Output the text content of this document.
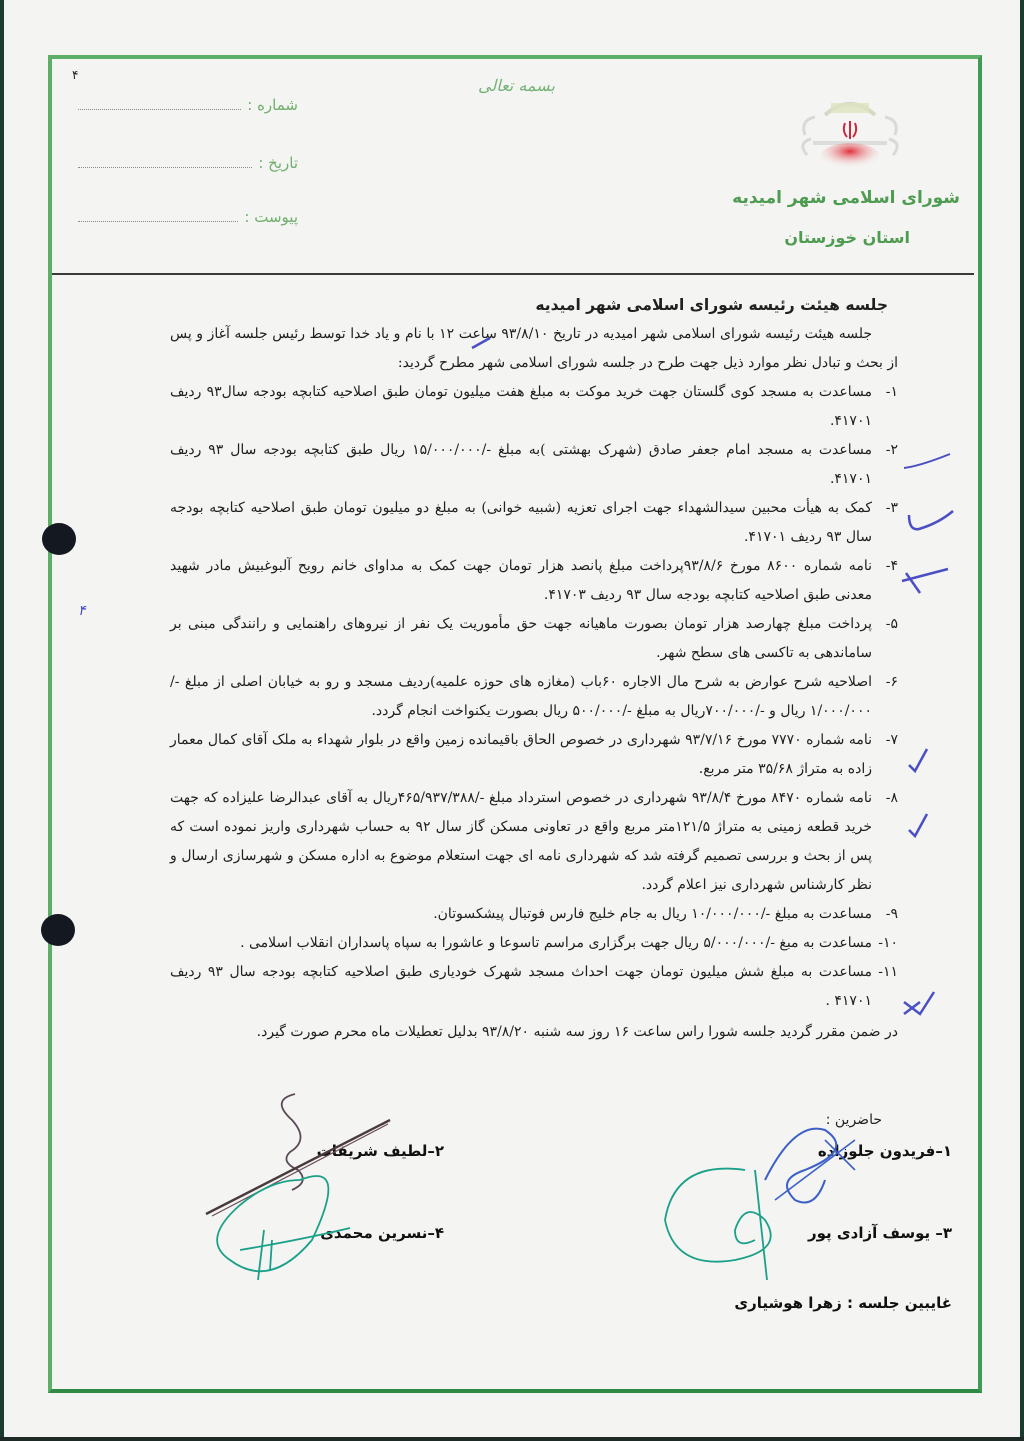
۴
شماره :
تاریخ :
پیوست :
بسمه تعالی
شورای اسلامی شهر امیدیه
استان خوزستان
جلسه هیئت رئیسه شورای اسلامی شهر امیدیه
جلسه هیئت رئیسه شورای اسلامی شهر امیدیه در تاریخ ۹۳/۸/۱۰ ساعت ۱۲ با نام و یاد خدا توسط رئیس جلسه آغاز و پس از بحث و تبادل نظر موارد ذیل جهت طرح در جلسه شورای اسلامی شهر مطرح گردید:
۱-
مساعدت به مسجد کوی گلستان جهت خرید موکت به مبلغ هفت میلیون تومان طبق اصلاحیه کتابچه بودجه سال۹۳ ردیف ۴۱۷۰۱.
۲-
مساعدت به مسجد امام جعفر صادق (شهرک بهشتی )به مبلغ -/۱۵/۰۰۰/۰۰۰ ریال طبق کتابچه بودجه سال ۹۳ ردیف ۴۱۷۰۱.
۳-
کمک به هیأت محبین سیدالشهداء جهت اجرای تعزیه (شبیه خوانی) به مبلغ دو میلیون تومان طبق اصلاحیه کتابچه بودجه سال ۹۳ ردیف ۴۱۷۰۱.
۴-
نامه شماره ۸۶۰۰ مورخ ۹۳/۸/۶پرداخت مبلغ پانصد هزار تومان جهت کمک به مداوای خانم رویح آلبوغبیش مادر شهید معدنی طبق اصلاحیه کتابچه بودجه سال ۹۳ ردیف ۴۱۷۰۳.
۵-
پرداخت مبلغ چهارصد هزار تومان بصورت ماهیانه جهت حق مأموریت یک نفر از نیروهای راهنمایی و رانندگی مبنی بر ساماندهی به تاکسی های سطح شهر.
۶-
اصلاحیه شرح عوارض به شرح مال الاجاره ۶۰باب (مغازه های حوزه علمیه)ردیف مسجد و رو به خیابان اصلی از مبلغ -/۱/۰۰۰/۰۰۰ ریال و -/۷۰۰/۰۰۰ریال به مبلغ -/۵۰۰/۰۰۰ ریال بصورت یکنواخت انجام گردد.
۷-
نامه شماره ۷۷۷۰ مورخ ۹۳/۷/۱۶ شهرداری در خصوص الحاق باقیمانده زمین واقع در بلوار شهداء به ملک آقای کمال معمار زاده به متراژ ۳۵/۶۸ متر مربع.
۸-
نامه شماره ۸۴۷۰ مورخ ۹۳/۸/۴ شهرداری در خصوص استرداد مبلغ -/۴۶۵/۹۳۷/۳۸۸ریال به آقای عبدالرضا علیزاده که جهت خرید قطعه زمینی به متراژ ۱۲۱/۵متر مربع واقع در تعاونی مسکن گاز سال ۹۲ به حساب شهرداری واریز نموده است که پس از بحث و بررسی تصمیم گرفته شد که شهرداری نامه ای جهت استعلام موضوع به اداره مسکن و شهرسازی ارسال و نظر کارشناس شهرداری نیز اعلام گردد.
۹-
مساعدت به مبلغ -/۱۰/۰۰۰/۰۰۰ ریال به جام خلیج فارس فوتبال پیشکسوتان.
۱۰-
مساعدت به مبغ -/۵/۰۰۰/۰۰۰ ریال جهت برگزاری مراسم تاسوعا و عاشورا به سپاه پاسداران انقلاب اسلامی .
۱۱-
مساعدت به مبلغ شش میلیون تومان جهت احداث مسجد شهرک خودیاری طبق اصلاحیه کتابچه بودجه سال ۹۳ ردیف ۴۱۷۰۱ .
در ضمن مقرر گردید جلسه شورا راس ساعت ۱۶ روز سه شنبه ۹۳/۸/۲۰ بدلیل تعطیلات ماه محرم صورت گیرد.
۴
حاضرین :
۱–فریدون جلوزاده
۲–لطیف شریفات
۳– یوسف آزادی پور
۴–نسرین محمدی
غایبین جلسه : زهرا هوشیاری
